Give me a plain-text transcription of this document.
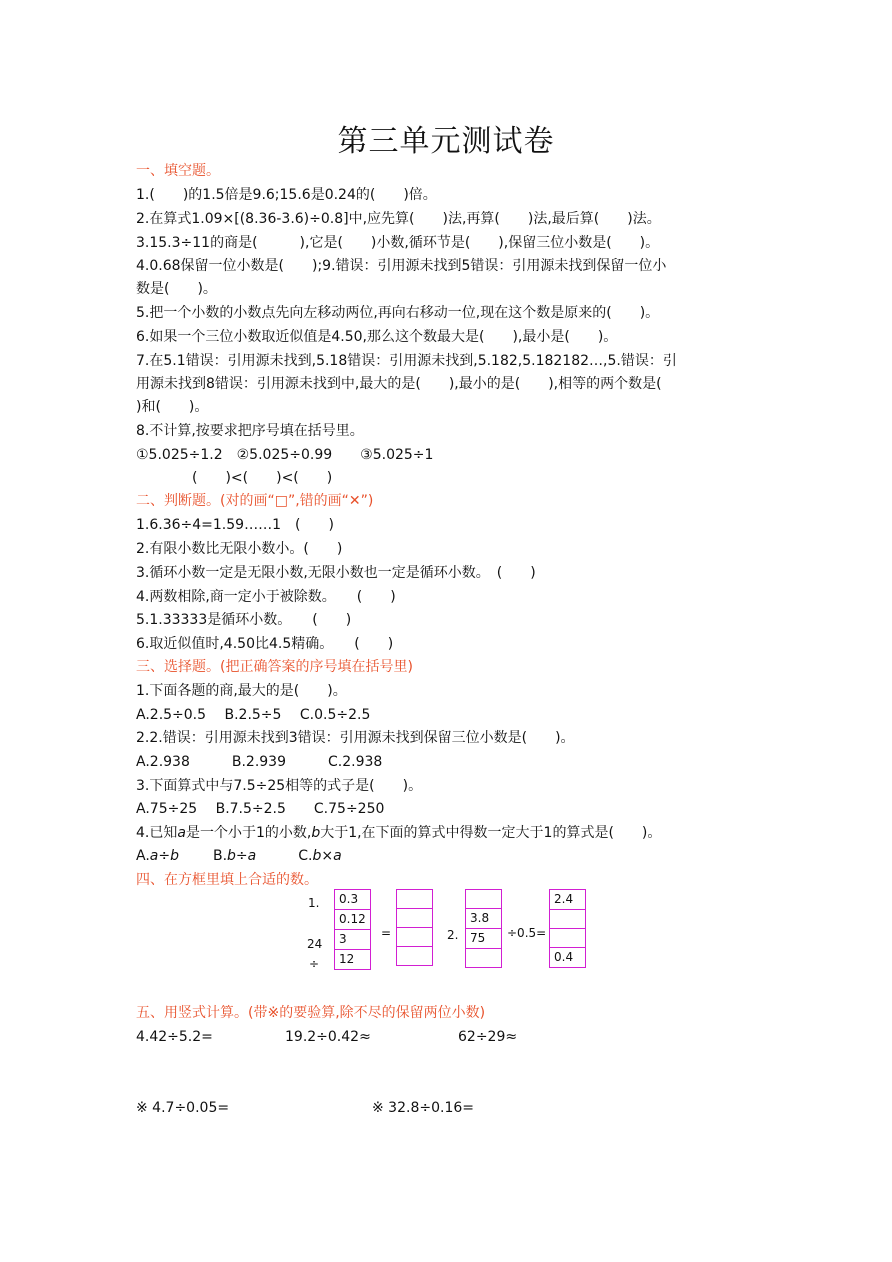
第三单元测试卷
一、填空题。
1.(　　)的1.5倍是9.6;15.6是0.24的(　　)倍。
2.在算式1.09×[(8.36-3.6)÷0.8]中,应先算(　　)法,再算(　　)法,最后算(　　)法。
3.15.3÷11的商是(　　　),它是(　　)小数,循环节是(　　),保留三位小数是(　　)。
4.0.68保留一位小数是(　　);9.错误：引用源未找到5错误：引用源未找到保留一位小
数是(　　)。
5.把一个小数的小数点先向左移动两位,再向右移动一位,现在这个数是原来的(　　)。
6.如果一个三位小数取近似值是4.50,那么这个数最大是(　　),最小是(　　)。
7.在5.1错误：引用源未找到,5.18错误：引用源未找到,5.182,5.182182…,5.错误：引
用源未找到8错误：引用源未找到中,最大的是(　　),最小的是(　　),相等的两个数是(
)和(　　)。
8.不计算,按要求把序号填在括号里。
①5.025÷1.2　②5.025÷0.99　　③5.025÷1
(　　)<(　　)<(　　)
二、判断题。(对的画“□”,错的画“✕”)
1.6.36÷4=1.59……1　(　　)
2.有限小数比无限小数小。(　　)
3.循环小数一定是无限小数,无限小数也一定是循环小数。　(　　)
4.两数相除,商一定小于被除数。　　(　　)
5.1.33333是循环小数。　　(　　)
6.取近似值时,4.50比4.5精确。　　(　　)
三、选择题。(把正确答案的序号填在括号里)
1.下面各题的商,最大的是(　　)。
A.2.5÷0.5　 B.2.5÷5　 C.0.5÷2.5
2.2.错误：引用源未找到3错误：引用源未找到保留三位小数是(　　)。
A.2.938　　　B.2.939　　　C.2.938
3.下面算式中与7.5÷25相等的式子是(　　)。
A.75÷25　 B.7.5÷2.5　　C.75÷250
4.已知a是一个小于1的小数,b大于1,在下面的算式中得数一定大于1的算式是(　　)。
A.a÷b B.b÷a	C.b×a
四、在方框里填上合适的数。
1.
24
÷
0.3
0.12
3
12
=	2.

3.8
75 ÷0.5=
2.4

0.4
五、用竖式计算。(带※的要验算,除不尽的保留两位小数)
4.42÷5.2=	19.2÷0.42≈	62÷29≈
※ 4.7÷0.05=	※ 32.8÷0.16=
